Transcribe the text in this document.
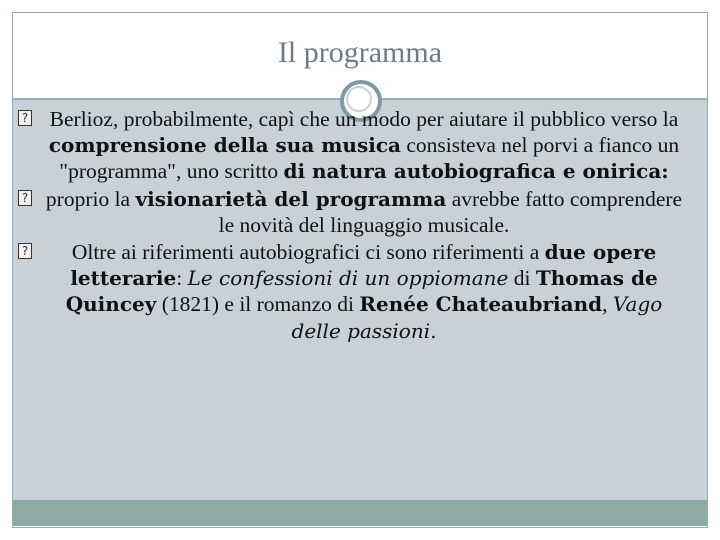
Il programma
?
Berlioz, probabilmente, capì che un modo per aiutare il pubblico verso la comprensione della sua musica consisteva nel porvi a fianco un "programma", uno scritto di natura autobiografica e onirica:
?
proprio la visionarietà del programma avrebbe fatto comprendere le novità del linguaggio musicale.
?
Oltre ai riferimenti autobiografici ci sono riferimenti a due opere letterarie: Le confessioni di un oppiomane di Thomas de Quincey (1821) e il romanzo di Renée Chateaubriand, Vago delle passioni.
